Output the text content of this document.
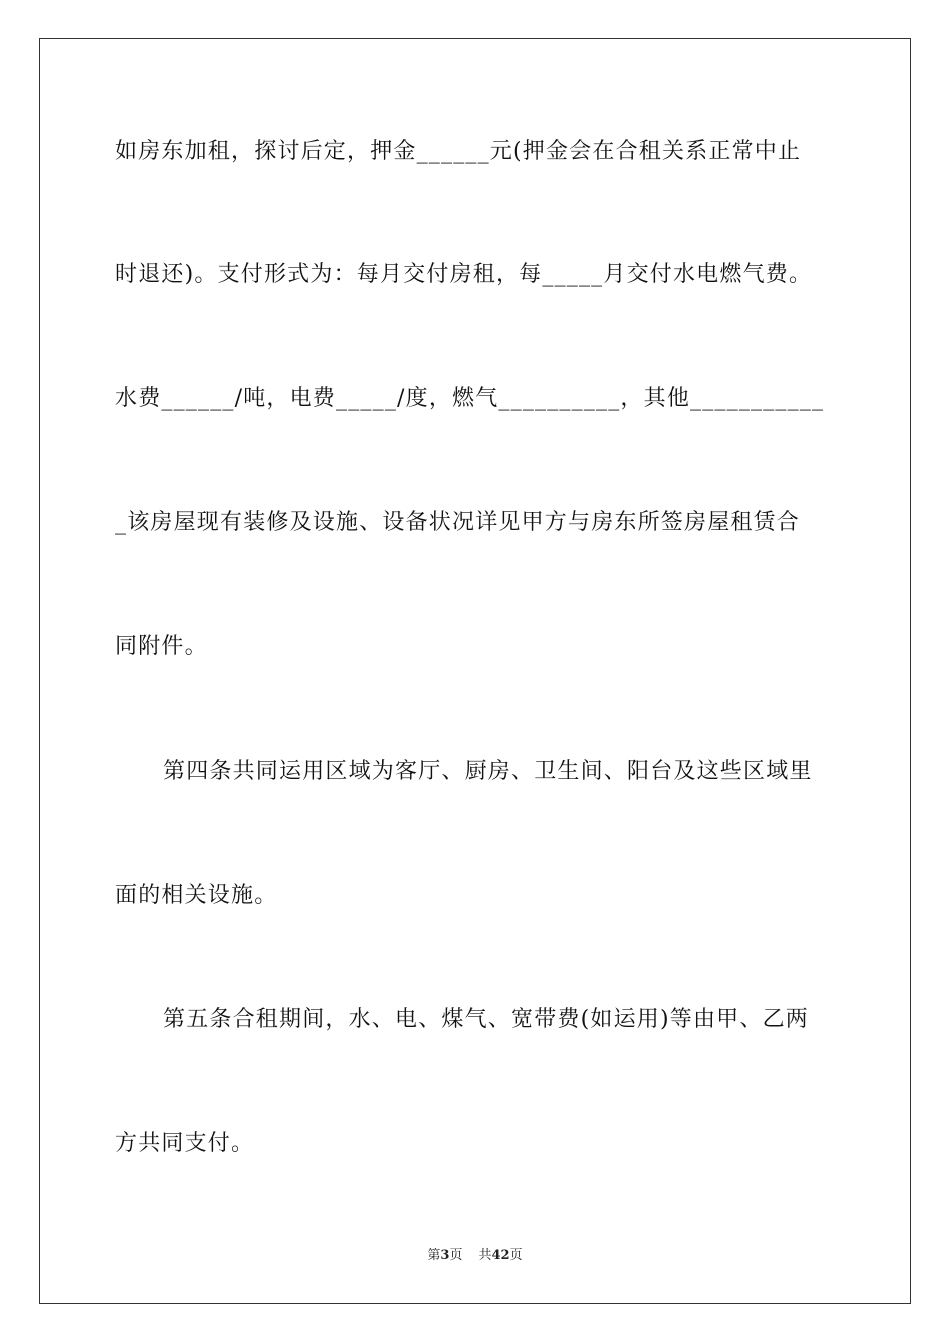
如房东加租，探讨后定，押金______元(押金会在合租关系正常中止
时退还)。支付形式为：每月交付房租，每_____月交付水电燃气费。
水费______/吨，电费_____/度，燃气__________，其他___________
_该房屋现有装修及设施、设备状况详见甲方与房东所签房屋租赁合
同附件。
第四条共同运用区域为客厅、厨房、卫生间、阳台及这些区域里
面的相关设施。
第五条合租期间，水、电、煤气、宽带费(如运用)等由甲、乙两
方共同支付。
第3页 共42页
